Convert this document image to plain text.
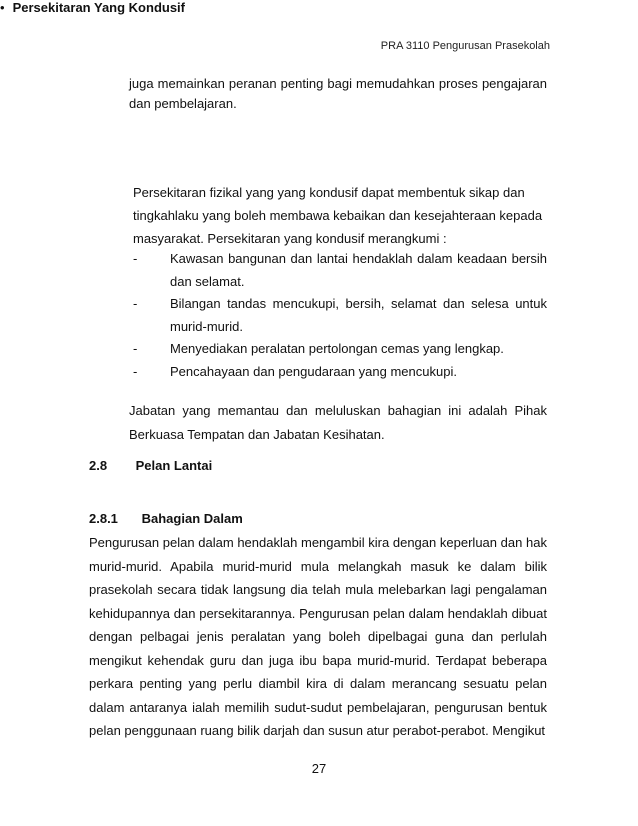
PRA 3110 Pengurusan Prasekolah

juga memainkan peranan penting bagi memudahkan proses pengajaran dan pembelajaran.

• Persekitaran Yang Kondusif

Persekitaran fizikal yang yang kondusif dapat membentuk sikap dan tingkahlaku yang boleh membawa kebaikan dan kesejahteraan kepada masyarakat. Persekitaran yang kondusif merangkumi :

-	Kawasan bangunan dan lantai hendaklah dalam keadaan bersih dan selamat.
-	Bilangan tandas mencukupi, bersih, selamat dan selesa untuk murid-murid.
-	Menyediakan peralatan pertolongan cemas yang lengkap.
-	Pencahayaan dan pengudaraan yang mencukupi.

Jabatan yang memantau dan meluluskan bahagian ini adalah Pihak Berkuasa Tempatan dan Jabatan Kesihatan.

2.8 Pelan Lantai
2.8.1 Bahagian Dalam

Pengurusan pelan dalam hendaklah mengambil kira dengan keperluan dan hak murid-murid. Apabila murid-murid mula melangkah masuk ke dalam bilik prasekolah secara tidak langsung dia telah mula melebarkan lagi pengalaman kehidupannya dan persekitarannya. Pengurusan pelan dalam hendaklah dibuat dengan pelbagai jenis peralatan yang boleh dipelbagai guna dan perlulah mengikut kehendak guru dan juga ibu bapa murid-murid. Terdapat beberapa perkara penting yang perlu diambil kira di dalam merancang sesuatu pelan dalam antaranya ialah memilih sudut-sudut pembelajaran, pengurusan bentuk pelan penggunaan ruang bilik darjah dan susun atur perabot-perabot. Mengikut

27
